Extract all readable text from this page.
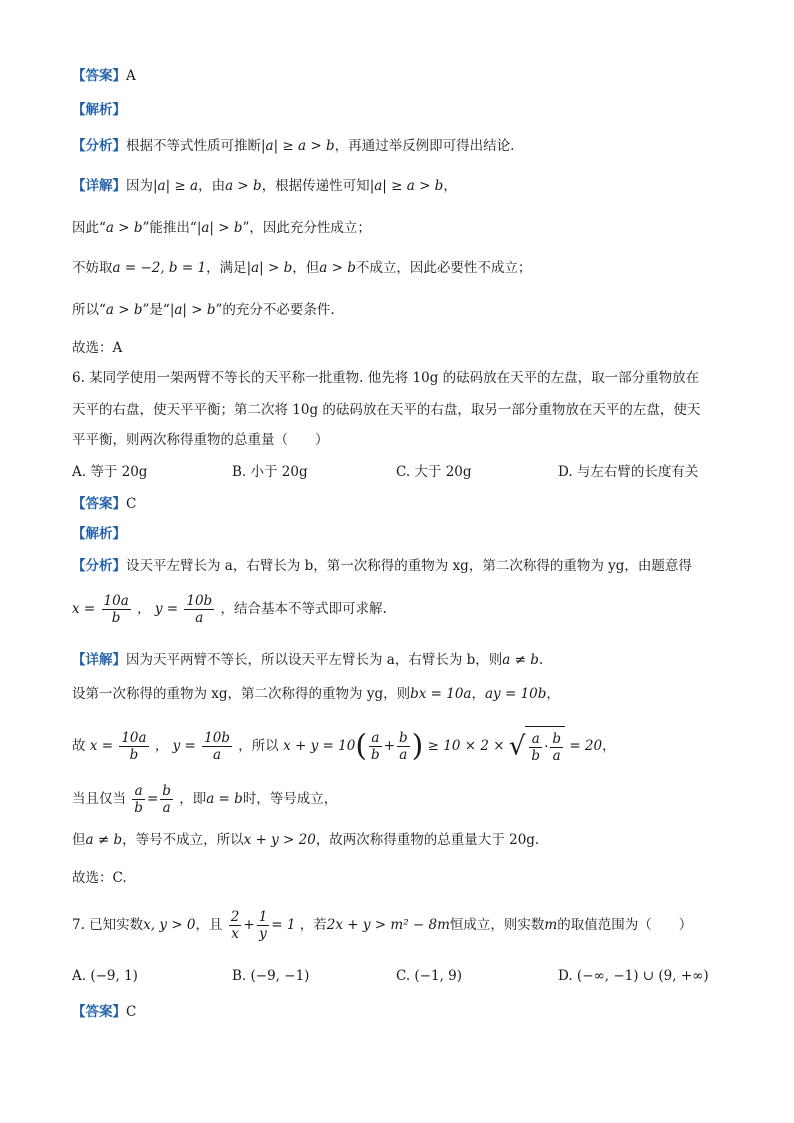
【答案】A
【解析】
【分析】根据不等式性质可推断|a| ≥ a > b，再通过举反例即可得出结论.
【详解】因为|a| ≥ a，由a > b，根据传递性可知|a| ≥ a > b，
因此“a > b”能推出“|a| > b”，因此充分性成立；
不妨取a = −2, b = 1，满足|a| > b，但a > b不成立，因此必要性不成立；
所以“a > b”是“|a| > b”的充分不必要条件.
故选：A
6. 某同学使用一架两臂不等长的天平称一批重物. 他先将 10g 的砝码放在天平的左盘，取一部分重物放在
天平的右盘，使天平平衡；第二次将 10g 的砝码放在天平的右盘，取另一部分重物放在天平的左盘，使天
平平衡，则两次称得重物的总重量（　　）
A. 等于 20g	B. 小于 20g	C. 大于 20g	D. 与左右臂的长度有关
【答案】C
【解析】
【分析】设天平左臂长为 a，右臂长为 b，第一次称得的重物为 xg，第二次称得的重物为 yg，由题意得
$x = \frac{10a}{b}$ ， $y = \frac{10b}{a}$ ，结合基本不等式即可求解.
【详解】因为天平两臂不等长，所以设天平左臂长为 a，右臂长为 b，则a ≠ b.
设第一次称得的重物为 xg，第二次称得的重物为 yg，则bx = 10a，ay = 10b，
故 $x = \frac{10a}{b}$ ， $y = \frac{10b}{a}$ ，所以 $x + y = 10( \frac{a}{b} + \frac{b}{a}$ ) ≥ 10 × 2 × √ $\frac{a}{b} \cdot \frac{b}{a} = 20$，
当且仅当 $\frac{a}{b} = \frac{b}{a}$ ，即a = b时，等号成立，
但a ≠ b，等号不成立，所以x + y > 20，故两次称得重物的总重量大于 20g.
故选：C.
7. 已知实数x, y > 0，且 $\frac{2}{x} + \frac{1}{y} = 1$ ，若2x + y > m² − 8m恒成立，则实数m的取值范围为（　　）
A. (−9, 1)	B. (−9, −1)	C. (−1, 9)	D. (−∞, −1) ∪ (9, +∞)
【答案】C
